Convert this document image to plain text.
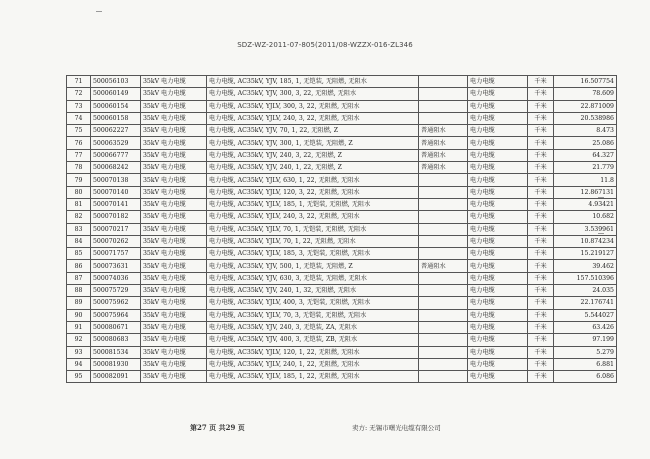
SDZ-WZ-2011-07-805(2011/08-WZZX-016-ZL346
71	500056103	35kV 电力电缆	电力电缆, AC35kV, YJV, 185, 1, 无铠装, 无阻燃, 无阻水		电力电缆	千米	16.507754
72	500060149	35kV 电力电缆	电力电缆, AC35kV, YJV, 300, 3, 22, 无阻燃, 无阻水		电力电缆	千米	78.609
73	500060154	35kV 电力电缆	电力电缆, AC35kV, YJLV, 300, 3, 22, 无阻燃, 无阻水		电力电缆	千米	22.871009
74	500060158	35kV 电力电缆	电力电缆, AC35kV, YJLV, 240, 3, 22, 无阻燃, 无阻水		电力电缆	千米	20.538986
75	500062227	35kV 电力电缆	电力电缆, AC35kV, YJV, 70, 1, 22, 无阻燃, Z	普通阻水	电力电缆	千米	8.473
76	500063529	35kV 电力电缆	电力电缆, AC35kV, YJV, 300, 1, 无铠装, 无阻燃, Z	普通阻水	电力电缆	千米	25.086
77	500066777	35kV 电力电缆	电力电缆, AC35kV, YJV, 240, 3, 22, 无阻燃, Z	普通阻水	电力电缆	千米	64.327
78	500068242	35kV 电力电缆	电力电缆, AC35kV, YJV, 240, 1, 22, 无阻燃, Z	普通阻水	电力电缆	千米	21.779
79	500070138	35kV 电力电缆	电力电缆, AC35kV, YJLV, 630, 1, 22, 无阻燃, 无阻水		电力电缆	千米	11.8
80	500070140	35kV 电力电缆	电力电缆, AC35kV, YJLV, 120, 3, 22, 无阻燃, 无阻水		电力电缆	千米	12.867131
81	500070141	35kV 电力电缆	电力电缆, AC35kV, YJLV, 185, 1, 无铠装, 无阻燃, 无阻水		电力电缆	千米	4.93421
82	500070182	35kV 电力电缆	电力电缆, AC35kV, YJLV, 240, 3, 22, 无阻燃, 无阻水		电力电缆	千米	10.682
83	500070217	35kV 电力电缆	电力电缆, AC35kV, YJLV, 70, 1, 无铠装, 无阻燃, 无阻水		电力电缆	千米	3.539961
84	500070262	35kV 电力电缆	电力电缆, AC35kV, YJLV, 70, 1, 22, 无阻燃, 无阻水		电力电缆	千米	10.874234
85	500071757	35kV 电力电缆	电力电缆, AC35kV, YJLV, 185, 3, 无铠装, 无阻燃, 无阻水		电力电缆	千米	15.219127
86	500073631	35kV 电力电缆	电力电缆, AC35kV, YJV, 500, 1, 无铠装, 无阻燃, Z	普通阻水	电力电缆	千米	39.462
87	500074036	35kV 电力电缆	电力电缆, AC35kV, YJV, 630, 3, 无铠装, 无阻燃, 无阻水		电力电缆	千米	157.510396
88	500075729	35kV 电力电缆	电力电缆, AC35kV, YJV, 240, 1, 32, 无阻燃, 无阻水		电力电缆	千米	24.035
89	500075962	35kV 电力电缆	电力电缆, AC35kV, YJLV, 400, 3, 无铠装, 无阻燃, 无阻水		电力电缆	千米	22.176741
90	500075964	35kV 电力电缆	电力电缆, AC35kV, YJLV, 70, 3, 无铠装, 无阻燃, 无阻水		电力电缆	千米	5.544027
91	500080671	35kV 电力电缆	电力电缆, AC35kV, YJV, 240, 3, 无铠装, ZA, 无阻水		电力电缆	千米	63.426
92	500080683	35kV 电力电缆	电力电缆, AC35kV, YJV, 400, 3, 无铠装, ZB, 无阻水		电力电缆	千米	97.199
93	500081534	35kV 电力电缆	电力电缆, AC35kV, YJLV, 120, 1, 22, 无阻燃, 无阻水		电力电缆	千米	5.279
94	500081930	35kV 电力电缆	电力电缆, AC35kV, YJLV, 240, 1, 22, 无阻燃, 无阻水		电力电缆	千米	6.881
95	500082091	35kV 电力电缆	电力电缆, AC35kV, YJLV, 185, 1, 22, 无阻燃, 无阻水		电力电缆	千米	6.086
第27 页 共29 页	卖方: 无锡市曙光电缆有限公司
